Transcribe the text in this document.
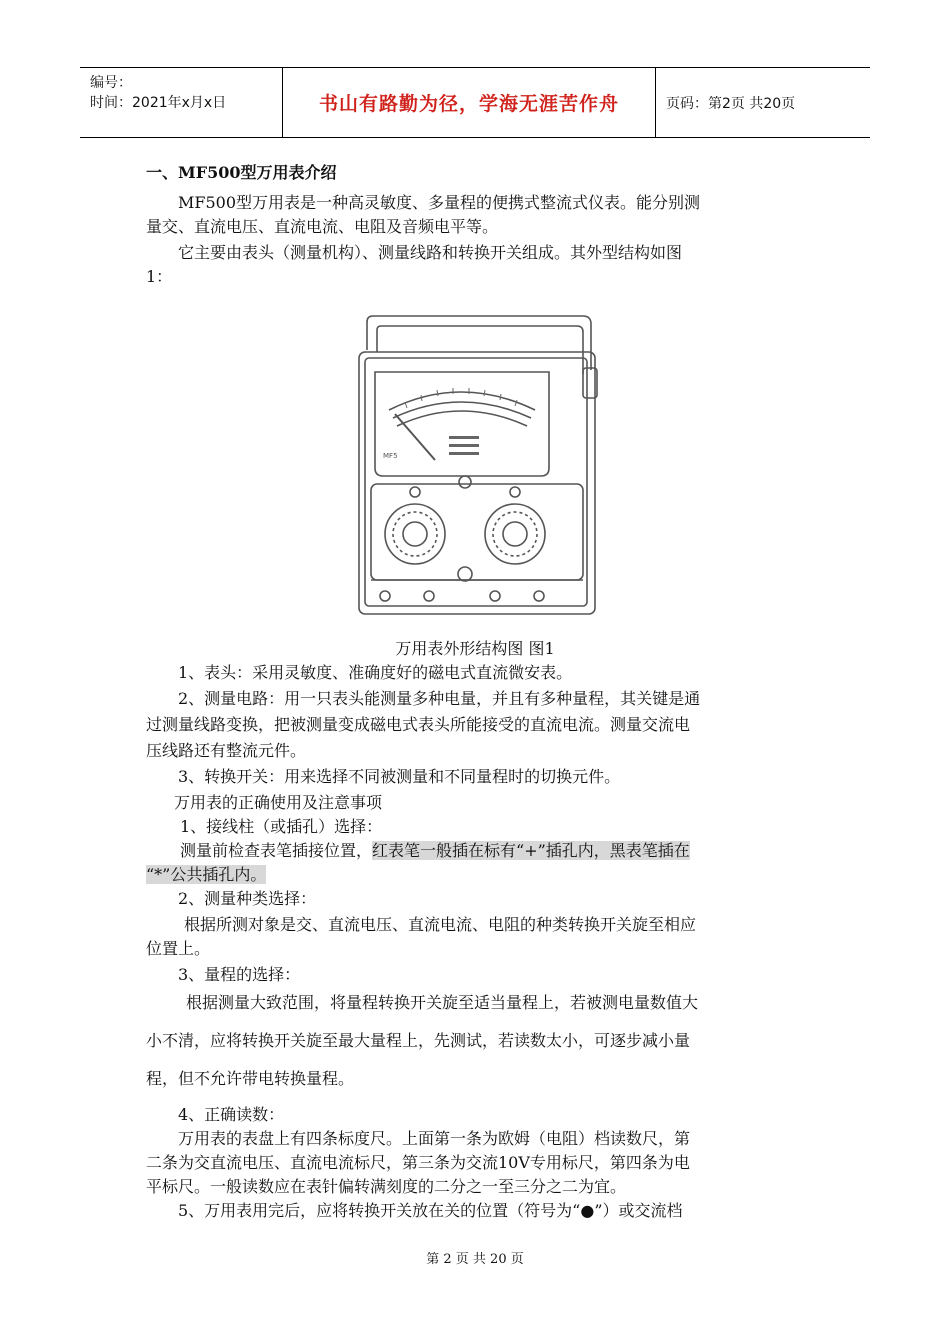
编号：
时间：2021年x月x日	书山有路勤为径，学海无涯苦作舟	页码：第2页 共20页
一、MF500型万用表介绍
MF500型万用表是一种高灵敏度、多量程的便携式整流式仪表。能分别测
量交、直流电压、直流电流、电阻及音频电平等。
它主要由表头（测量机构）、测量线路和转换开关组成。其外型结构如图
1：
MF5
万用表外形结构图 图1
1、表头：采用灵敏度、准确度好的磁电式直流微安表。
2、测量电路：用一只表头能测量多种电量，并且有多种量程，其关键是通
过测量线路变换，把被测量变成磁电式表头所能接受的直流电流。测量交流电
压线路还有整流元件。
3、转换开关：用来选择不同被测量和不同量程时的切换元件。
万用表的正确使用及注意事项
1、接线柱（或插孔）选择：
测量前检查表笔插接位置，红表笔一般插在标有“+”插孔内，黑表笔插在
“*”公共插孔内。
2、测量种类选择：
根据所测对象是交、直流电压、直流电流、电阻的种类转换开关旋至相应
位置上。
3、量程的选择：
根据测量大致范围，将量程转换开关旋至适当量程上，若被测电量数值大
小不清，应将转换开关旋至最大量程上，先测试，若读数太小，可逐步减小量
程，但不允许带电转换量程。
4、正确读数：
万用表的表盘上有四条标度尺。上面第一条为欧姆（电阻）档读数尺，第
二条为交直流电压、直流电流标尺，第三条为交流10V专用标尺，第四条为电
平标尺。一般读数应在表针偏转满刻度的二分之一至三分之二为宜。
5、万用表用完后，应将转换开关放在关的位置（符号为“●”）或交流档
第 2 页 共 20 页
